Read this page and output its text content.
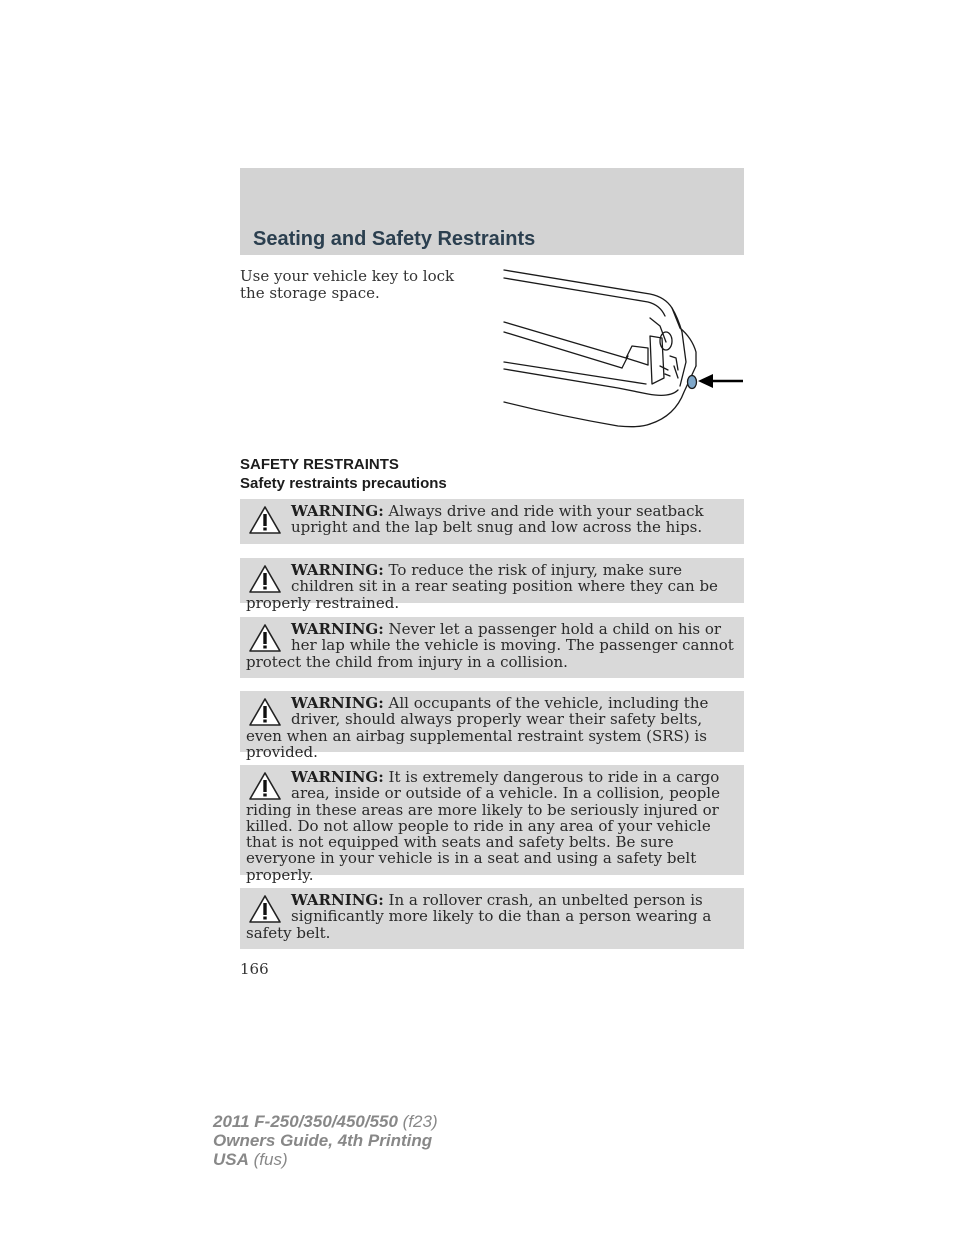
Seating and Safety Restraints

Use your vehicle key to lock the storage space.

SAFETY RESTRAINTS
Safety restraints precautions

WARNING: Always drive and ride with your seatback upright and the lap belt snug and low across the hips.

WARNING: To reduce the risk of injury, make sure children sit in a rear seating position where they can be properly restrained.

WARNING: Never let a passenger hold a child on his or her lap while the vehicle is moving. The passenger cannot protect the child from injury in a collision.

WARNING: All occupants of the vehicle, including the driver, should always properly wear their safety belts, even when an airbag supplemental restraint system (SRS) is provided.

WARNING: It is extremely dangerous to ride in a cargo area, inside or outside of a vehicle. In a collision, people riding in these areas are more likely to be seriously injured or killed. Do not allow people to ride in any area of your vehicle that is not equipped with seats and safety belts. Be sure everyone in your vehicle is in a seat and using a safety belt properly.

WARNING: In a rollover crash, an unbelted person is significantly more likely to die than a person wearing a safety belt.

166

2011 F-250/350/450/550 (f23)
Owners Guide, 4th Printing
USA (fus)
